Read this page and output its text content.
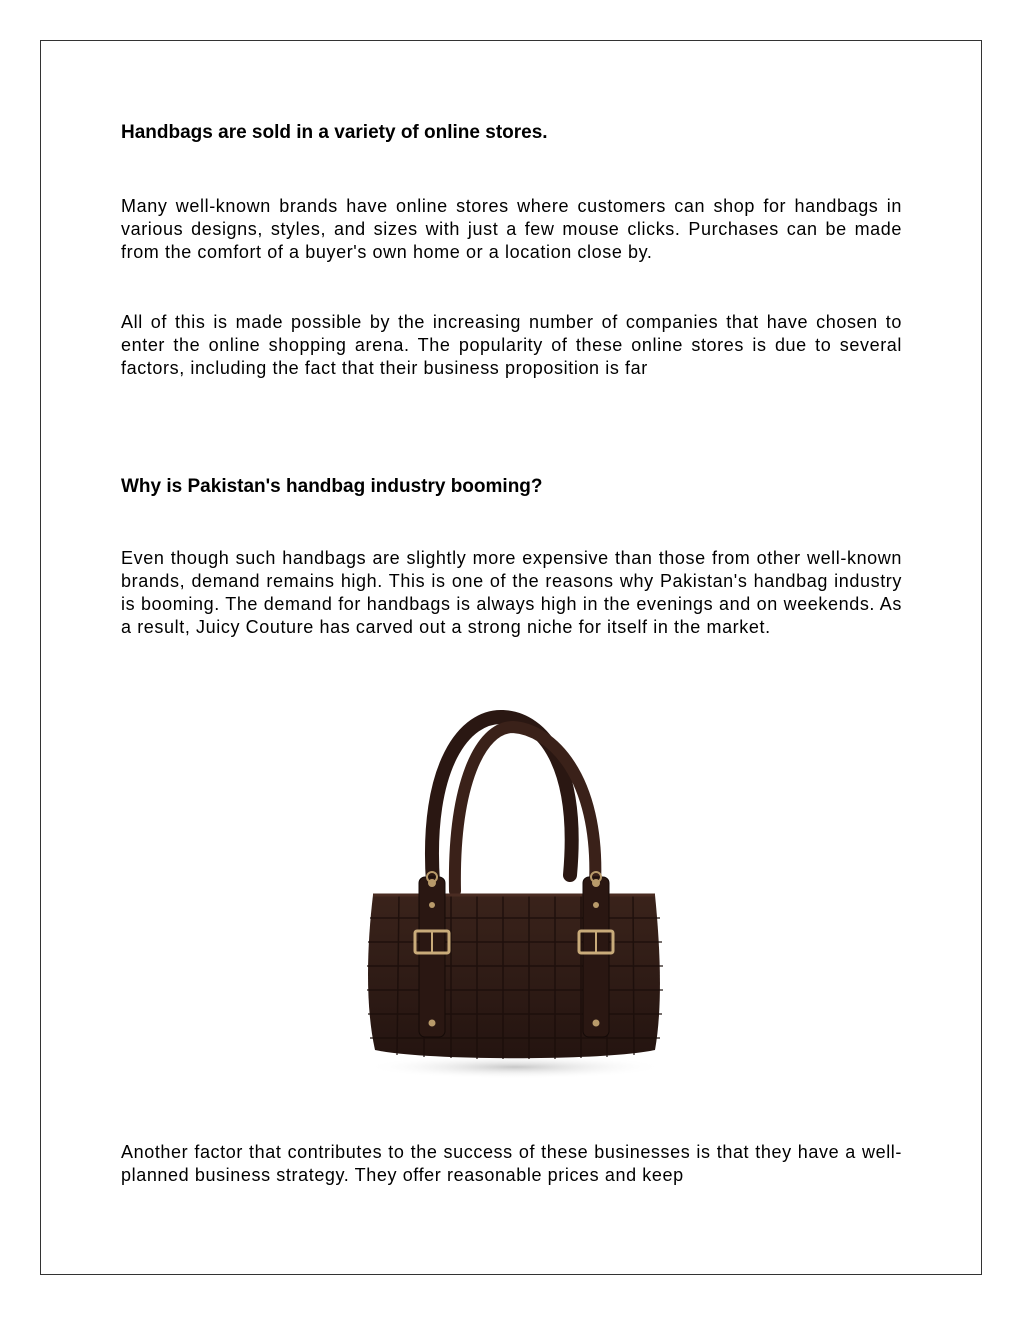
Handbags are sold in a variety of online stores.

Many well-known brands have online stores where customers can shop for handbags in various designs, styles, and sizes with just a few mouse clicks. Purchases can be made from the comfort of a buyer's own home or a location close by.

All of this is made possible by the increasing number of companies that have chosen to enter the online shopping arena. The popularity of these online stores is due to several factors, including the fact that their business proposition is far

Why is Pakistan's handbag industry booming?

Even though such handbags are slightly more expensive than those from other well-known brands, demand remains high. This is one of the reasons why Pakistan's handbag industry is booming. The demand for handbags is always high in the evenings and on weekends. As a result, Juicy Couture has carved out a strong niche for itself in the market.

Another factor that contributes to the success of these businesses is that they have a well-planned business strategy. They offer reasonable prices and keep
